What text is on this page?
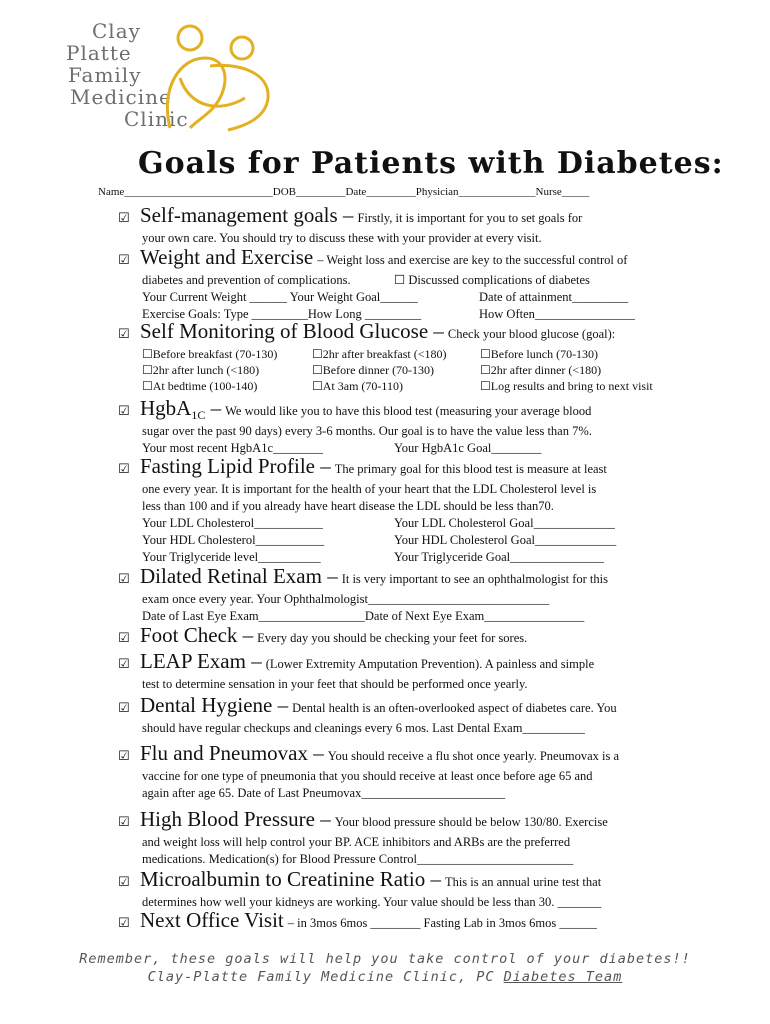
Clay
Platte
Family
Medicine
Clinic
Goals for Patients with Diabetes:
Name___________________________DOB_________Date_________Physician______________Nurse_____
☑ Self-management goals – Firstly, it is important for you to set goals for
your own care. You should try to discuss these with your provider at every visit.
☑ Weight and Exercise – Weight loss and exercise are key to the successful control of
diabetes and prevention of complications.	☐ Discussed complications of diabetes
Your Current Weight ______ Your Weight Goal______	Date of attainment_________
Exercise Goals: Type _________How Long _________	How Often________________
☑ Self Monitoring of Blood Glucose – Check your blood glucose (goal):
☐Before breakfast (70-130)	☐2hr after breakfast (<180)	☐Before lunch (70-130)
☐2hr after lunch (<180)	☐Before dinner (70-130)	☐2hr after dinner (<180)
☐At bedtime (100-140)	☐At 3am (70-110)	☐Log results and bring to next visit
☑ HgbA$_{1C}$ – We would like you to have this blood test (measuring your average blood
sugar over the past 90 days) every 3-6 months. Our goal is to have the value less than 7%.
Your most recent HgbA1c________	Your HgbA1c Goal________
☑ Fasting Lipid Profile – The primary goal for this blood test is measure at least
one every year. It is important for the health of your heart that the LDL Cholesterol level is
less than 100 and if you already have heart disease the LDL should be less than70.
Your LDL Cholesterol___________	Your LDL Cholesterol Goal_____________
Your HDL Cholesterol___________	Your HDL Cholesterol Goal_____________
Your Triglyceride level__________	Your Triglyceride Goal_______________
☑ Dilated Retinal Exam – It is very important to see an ophthalmologist for this
exam once every year. Your Ophthalmologist_____________________________
Date of Last Eye Exam_________________Date of Next Eye Exam________________
☑ Foot Check – Every day you should be checking your feet for sores.
☑ LEAP Exam – (Lower Extremity Amputation Prevention). A painless and simple
test to determine sensation in your feet that should be performed once yearly.
☑ Dental Hygiene – Dental health is an often-overlooked aspect of diabetes care. You
should have regular checkups and cleanings every 6 mos. Last Dental Exam__________
☑ Flu and Pneumovax – You should receive a flu shot once yearly. Pneumovax is a
vaccine for one type of pneumonia that you should receive at least once before age 65 and
again after age 65. Date of Last Pneumovax_______________________
☑ High Blood Pressure – Your blood pressure should be below 130/80. Exercise
and weight loss will help control your BP. ACE inhibitors and ARBs are the preferred
medications. Medication(s) for Blood Pressure Control_________________________
☑ Microalbumin to Creatinine Ratio – This is an annual urine test that
determines how well your kidneys are working. Your value should be less than 30. _______
☑ Next Office Visit – in 3mos 6mos ________ Fasting Lab in 3mos 6mos ______
Remember, these goals will help you take control of your diabetes!!
Clay-Platte Family Medicine Clinic, PC Diabetes Team
